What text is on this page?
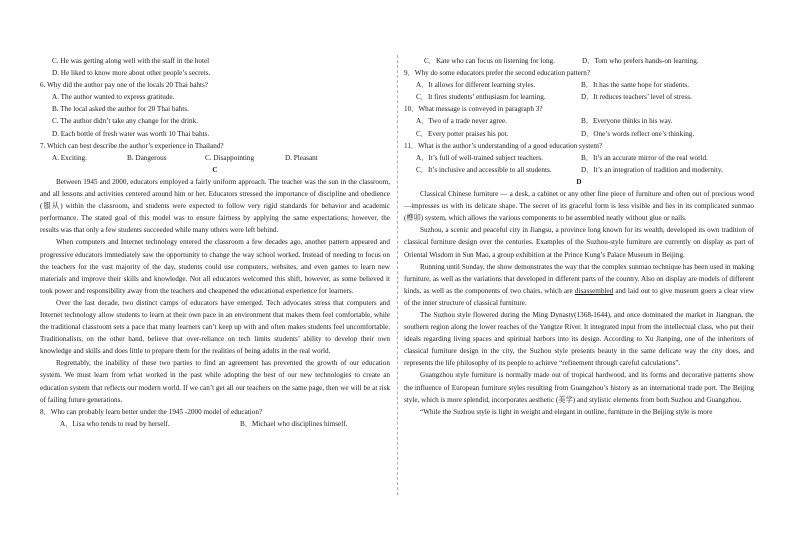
C. He was getting along well with the staff in the hotel
D. He liked to know more about other people’s secrets.
6. Why did the author pay one of the locals 20 Thai bahts?
A. The author wanted to express gratitude.
B. The local asked the author for 20 Thai bahts.
C. The author didn’t take any change for the drink.
D. Each bottle of fresh water was worth 10 Thai bahts.
7. Which can best describe the author’s experience in Thailand?
A. Exciting.	B. Dangerous	C. Disappointing	D. Pleasant
C
Between 1945 and 2000, educators employed a fairly uniform approach. The teacher was the sun in the classroom, and all lessons and activities centered around him or her. Educators stressed the importance of discipline and obedience (服从) within the classroom, and students were expected to follow very rigid standards for behavior and academic performance. The stated goal of this model was to ensure fairness by applying the same expectations; however, the results was that only a few students succeeded while many others were left behind.
When computers and Internet technology entered the classroom a few decades ago, another pattern appeared and progressive educators immediately saw the opportunity to change the way school worked. Instead of needing to focus on the teachers for the vast majority of the day, students could use computers, websites, and even games to learn new materials and improve their skills and knowledge. Not all educators welcomed this shift, however, as some believed it took power and responsibility away from the teachers and cheapened the educational experience for learners.
Over the last decade, two distinct camps of educators have emerged. Tech advocates stress that computers and Internet technology allow students to learn at their own pace in an environment that makes them feel comfortable, while the traditional classroom sets a pace that many learners can’t keep up with and often makes students feel uncomfortable. Traditionalists, on the other hand, believe that over-reliance on tech limits students’ ability to develop their own knowledge and skills and does little to prepare them for the realities of being adults in the real world.
Regrettably, the inability of these two parties to find an agreement has prevented the growth of our education system. We must learn from what worked in the past while adopting the best of our new technologies to create an education system that reflects our modern world. If we can’t get all our teachers on the same page, then we will be at risk of failing future generations.
8．Who can probably learn better under the 1945 -2000 model of education?
A．Lisa who tends to read by herself.	B．Michael who disciplines himself.
C．Kate who can focus on listening for long.	D．Tom who prefers hands-on learning.
9．Why do some educators prefer the second education pattern?
A．It allows for different learning styles.	B．It has the same hope for students.
C．It fires students’ enthusiasm for learning.	D．It reduces teachers’ level of stress.
10．What message is conveyed in paragraph 3?
A．Two of a trade never agree.	B．Everyone thinks in his way.
C．Every potter praises his pot.	D．One’s words reflect one’s thinking.
11．What is the author’s understanding of a good education system?
A．It’s full of well-trained subject teachers.	B．It’s an accurate mirror of the real world.
C．It’s inclusive and accessible to all students.	D．It’s an integration of tradition and modernity.
D
Classical Chinese furniture — a desk, a cabinet or any other fine piece of furniture and often out of precious wood —impresses us with its delicate shape. The secret of its graceful form is less visible and lies in its complicated sunmao (榫卯) system, which allows the various components to be assembled neatly without glue or nails.
Suzhou, a scenic and peaceful city in Jiangsu, a province long known for its wealth, developed its own tradition of classical furniture design over the centuries. Examples of the Suzhou-style furniture are currently on display as part of Oriental Wisdom in Sun Mao, a group exhibition at the Prince Kung’s Palace Museum in Beijing.
Running until Sunday, the show demonstrates the way that the complex sunmao technique has been used in making furniture, as well as the variations that developed in different parts of the country. Also on display are models of different kinds, as well as the components of two chairs, which are disassembled and laid out to give museum goers a clear view of the inner structure of classical furniture.
The Suzhou style flowered during the Ming Dynasty(1368-1644), and once dominated the market in Jiangnan, the southern region along the lower reaches of the Yangtze River. It integrated input from the intellectual class, who put their ideals regarding living spaces and spiritual harbors into its design. According to Xu Jianping, one of the inheritors of classical furniture design in the city, the Suzhou style presents beauty in the same delicate way the city does, and represents the life philosophy of its people to achieve “refinement through careful calculations”.
Guangzhou style furniture is normally made out of tropical hardwood, and its forms and decorative patterns show the influence of European furniture styles resulting from Guangzhou’s history as an international trade port. The Beijing style, which is more splendid, incorporates aesthetic (美学) and stylistic elements from both Suzhou and Guangzhou.
“While the Suzhou style is light in weight and elegant in outline, furniture in the Beijing style is more
